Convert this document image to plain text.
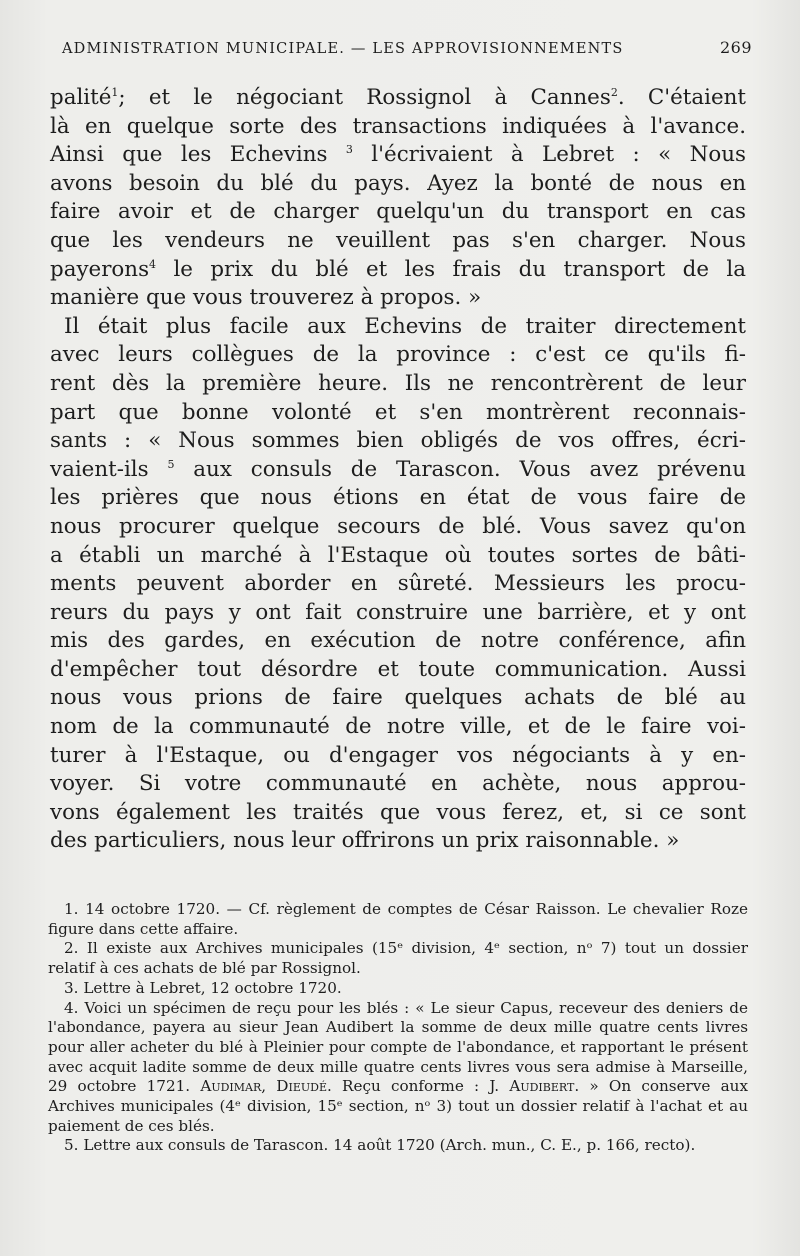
ADMINISTRATION MUNICIPALE. — LES APPROVISIONNEMENTS	269

palité$^1$; et le négociant Rossignol à Cannes$^2$. C'étaient

là en quelque sorte des transactions indiquées à l'avance.

Ainsi que les Echevins $^3$ l'écrivaient à Lebret : « Nous

avons besoin du blé du pays. Ayez la bonté de nous en

faire avoir et de charger quelqu'un du transport en cas

que les vendeurs ne veuillent pas s'en charger. Nous

payerons$^4$ le prix du blé et les frais du transport de la

manière que vous trouverez à propos. »

Il était plus facile aux Echevins de traiter directement

avec leurs collègues de la province : c'est ce qu'ils fi-

rent dès la première heure. Ils ne rencontrèrent de leur

part que bonne volonté et s'en montrèrent reconnais-

sants : « Nous sommes bien obligés de vos offres, écri-

vaient-ils $^5$ aux consuls de Tarascon. Vous avez prévenu

les prières que nous étions en état de vous faire de

nous procurer quelque secours de blé. Vous savez qu'on

a établi un marché à l'Estaque où toutes sortes de bâti-

ments peuvent aborder en sûreté. Messieurs les procu-

reurs du pays y ont fait construire une barrière, et y ont

mis des gardes, en exécution de notre conférence, afin

d'empêcher tout désordre et toute communication. Aussi

nous vous prions de faire quelques achats de blé au

nom de la communauté de notre ville, et de le faire voi-

turer à l'Estaque, ou d'engager vos négociants à y en-

voyer. Si votre communauté en achète, nous approu-

vons également les traités que vous ferez, et, si ce sont

des particuliers, nous leur offrirons un prix raisonnable. »

1. 14 octobre 1720. — Cf. règlement de comptes de César Raisson. Le chevalier Roze figure dans cette affaire.

2. Il existe aux Archives municipales (15ᵉ division, 4ᵉ section, nᵒ 7) tout un dossier relatif à ces achats de blé par Rossignol.

3. Lettre à Lebret, 12 octobre 1720.

4. Voici un spécimen de reçu pour les blés : « Le sieur Capus, receveur des deniers de l'abondance, payera au sieur Jean Audibert la somme de deux mille quatre cents livres pour aller acheter du blé à Pleinier pour compte de l'abondance, et rapportant le présent avec acquit ladite somme de deux mille quatre cents livres vous sera admise à Marseille, 29 octobre 1721. Audimar, Dieudé. Reçu conforme : J. Audibert. » On conserve aux Archives municipales (4ᵉ division, 15ᵉ section, nᵒ 3) tout un dossier relatif à l'achat et au paiement de ces blés.

5. Lettre aux consuls de Tarascon. 14 août 1720 (Arch. mun., C. E., p. 166, recto).
